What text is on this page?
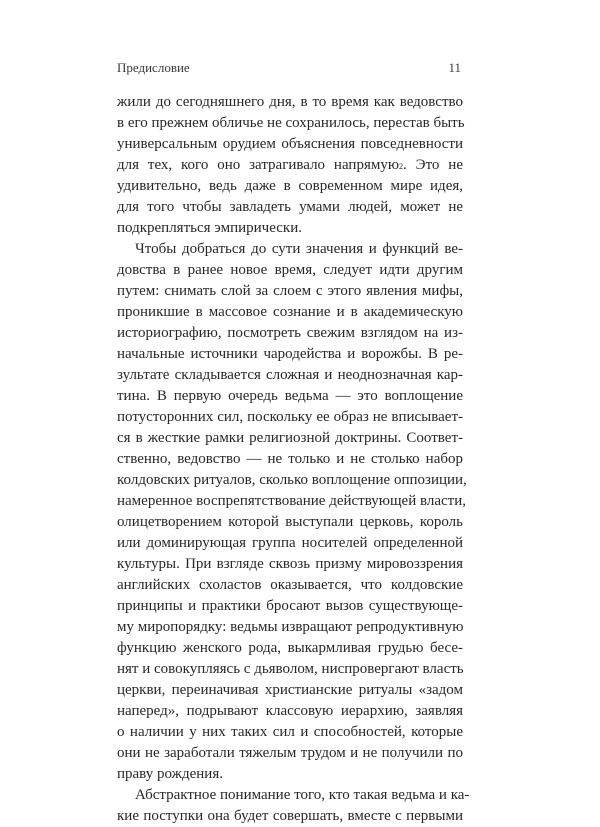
Предисловие	11
жили до сегодняшнего дня, в то время как ведовство
в его прежнем обличье не сохранилось, перестав быть
универсальным орудием объяснения повседневности
для тех, кого оно затрагивало напрямую$^2$. Это не
удивительно, ведь даже в современном мире идея,
для того чтобы завладеть умами людей, может не
подкрепляться эмпирически.
Чтобы добраться до сути значения и функций ве-
довства в ранее новое время, следует идти другим
путем: снимать слой за слоем с этого явления мифы,
проникшие в массовое сознание и в академическую
историографию, посмотреть свежим взглядом на из-
начальные источники чародейства и ворожбы. В ре-
зультате складывается сложная и неоднозначная кар-
тина. В первую очередь ведьма — это воплощение
потусторонних сил, поскольку ее образ не вписывает-
ся в жесткие рамки религиозной доктрины. Соответ-
ственно, ведовство — не только и не столько набор
колдовских ритуалов, сколько воплощение оппозиции,
намеренное воспрепятствование действующей власти,
олицетворением которой выступали церковь, король
или доминирующая группа носителей определенной
культуры. При взгляде сквозь призму мировоззрения
английских схоластов оказывается, что колдовские
принципы и практики бросают вызов существующе-
му миропорядку: ведьмы извращают репродуктивную
функцию женского рода, выкармливая грудью бесе-
нят и совокупляясь с дьяволом, ниспровергают власть
церкви, переиначивая христианские ритуалы «задом
наперед», подрывают классовую иерархию, заявляя
о наличии у них таких сил и способностей, которые
они не заработали тяжелым трудом и не получили по
праву рождения.
Абстрактное понимание того, кто такая ведьма и ка-
кие поступки она будет совершать, вместе с первыми
